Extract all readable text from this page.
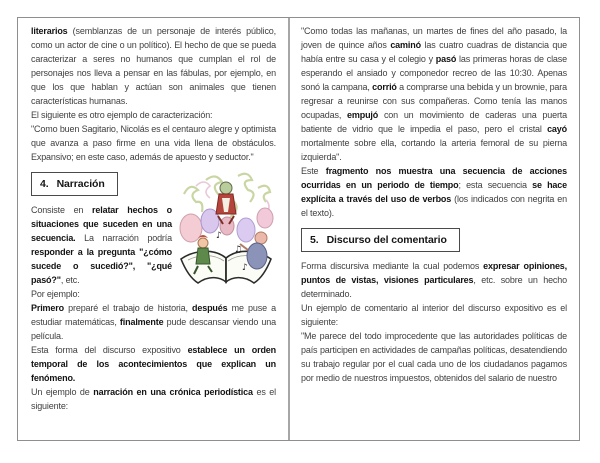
literarios (semblanzas de un personaje de interés público, como un actor de cine o un político). El hecho de que se pueda caracterizar a seres no humanos que cumplan el rol de personajes nos lleva a pensar en las fábulas, por ejemplo, en que los que hablan y actúan son animales que tienen características humanas.

El siguiente es otro ejemplo de caracterización:

"Como buen Sagitario, Nicolás es el centauro alegre y optimista que avanza a paso firme en una vida llena de obstáculos. Expansivo; en este caso, además de apuesto y seductor."

♪
♫
♪
4. Narración

Consiste en relatar hechos o situaciones que suceden en una secuencia. La narración podría responder a la pregunta "¿cómo sucede o sucedió?", "¿qué pasó?", etc.

Por ejemplo:

Primero preparé el trabajo de historia, después me puse a estudiar matemáticas, finalmente pude descansar viendo una película.

Esta forma del discurso expositivo establece un orden temporal de los acontecimientos que explican un fenómeno.

Un ejemplo de narración en una crónica periodística es el siguiente:

"Como todas las mañanas, un martes de fines del año pasado, la joven de quince años caminó las cuatro cuadras de distancia que había entre su casa y el colegio y pasó las primeras horas de clase esperando el ansiado y componedor recreo de las 10:30. Apenas sonó la campana, corrió a comprarse una bebida y un brownie, para regresar a reunirse con sus compañeras. Como tenía las manos ocupadas, empujó con un movimiento de caderas una puerta batiente de vidrio que le impedia el paso, pero el cristal cayó mortalmente sobre ella, cortando la arteria femoral de su pierna izquierda".

Este fragmento nos muestra una secuencia de acciones ocurridas en un periodo de tiempo; esta secuencia se hace explícita a través del uso de verbos (los indicados con negrita en el texto).

5. Discurso del comentario

Forma discursiva mediante la cual podemos expresar opiniones, puntos de vistas, visiones particulares, etc. sobre un hecho determinado.

Un ejemplo de comentario al interior del discurso expositivo es el siguiente:

"Me parece del todo improcedente que las autoridades políticas de país participen en actividades de campañas políticas, desatendiendo su trabajo regular por el cual cada uno de los ciudadanos pagamos por medio de nuestros impuestos, obtenidos del salario de nuestro
